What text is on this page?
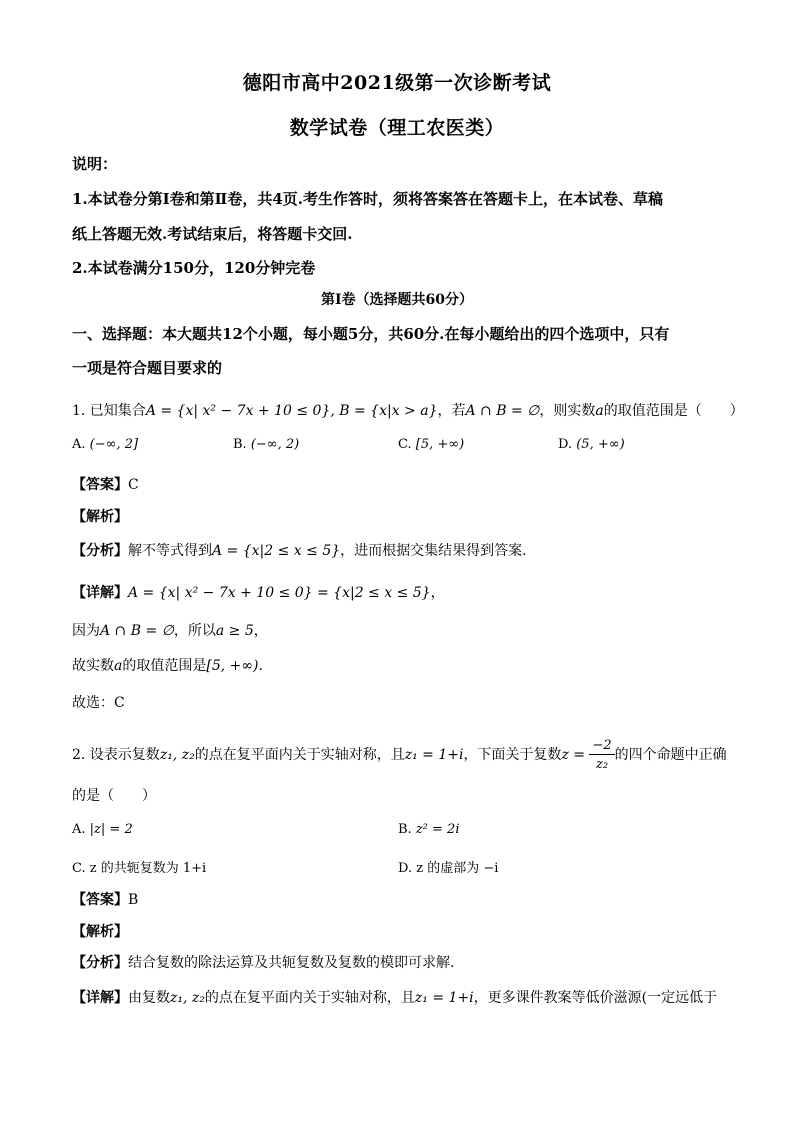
德阳市高中2021级第一次诊断考试
数学试卷（理工农医类）
说明：
1.本试卷分第Ⅰ卷和第Ⅱ卷，共4页.考生作答时，须将答案答在答题卡上，在本试卷、草稿
纸上答题无效.考试结束后，将答题卡交回.
2.本试卷满分150分，120分钟完卷
第Ⅰ卷（选择题共60分）
一、选择题：本大题共12个小题，每小题5分，共60分.在每小题给出的四个选项中，只有
一项是符合题目要求的
1. 已知集合A = {x| x² − 7x + 10 ≤ 0}, B = {x|x > a}，若A ∩ B = ∅，则实数a的取值范围是（　　）
A. (−∞, 2]	B. (−∞, 2)	C. [5, +∞)	D. (5, +∞)
【答案】C
【解析】
【分析】解不等式得到A = {x|2 ≤ x ≤ 5}，进而根据交集结果得到答案.
【详解】A = {x| x² − 7x + 10 ≤ 0} = {x|2 ≤ x ≤ 5}，
因为A ∩ B = ∅，所以a ≥ 5，
故实数a的取值范围是[5, +∞).
故选：C
2. 设表示复数z₁, z₂的点在复平面内关于实轴对称，且z₁ = 1+i，下面关于复数$z = \frac{-2}{\text{z₂}}$ 的四个命题中正确
的是（　　）
A. |z| = 2	B. z² = 2i
C. z 的共轭复数为 1+i	D. z 的虚部为 −i
【答案】B
【解析】
【分析】结合复数的除法运算及共轭复数及复数的模即可求解.
【详解】由复数z₁, z₂的点在复平面内关于实轴对称，且z₁ = 1+i，更多课件教案等低价滋源(一定远低于
